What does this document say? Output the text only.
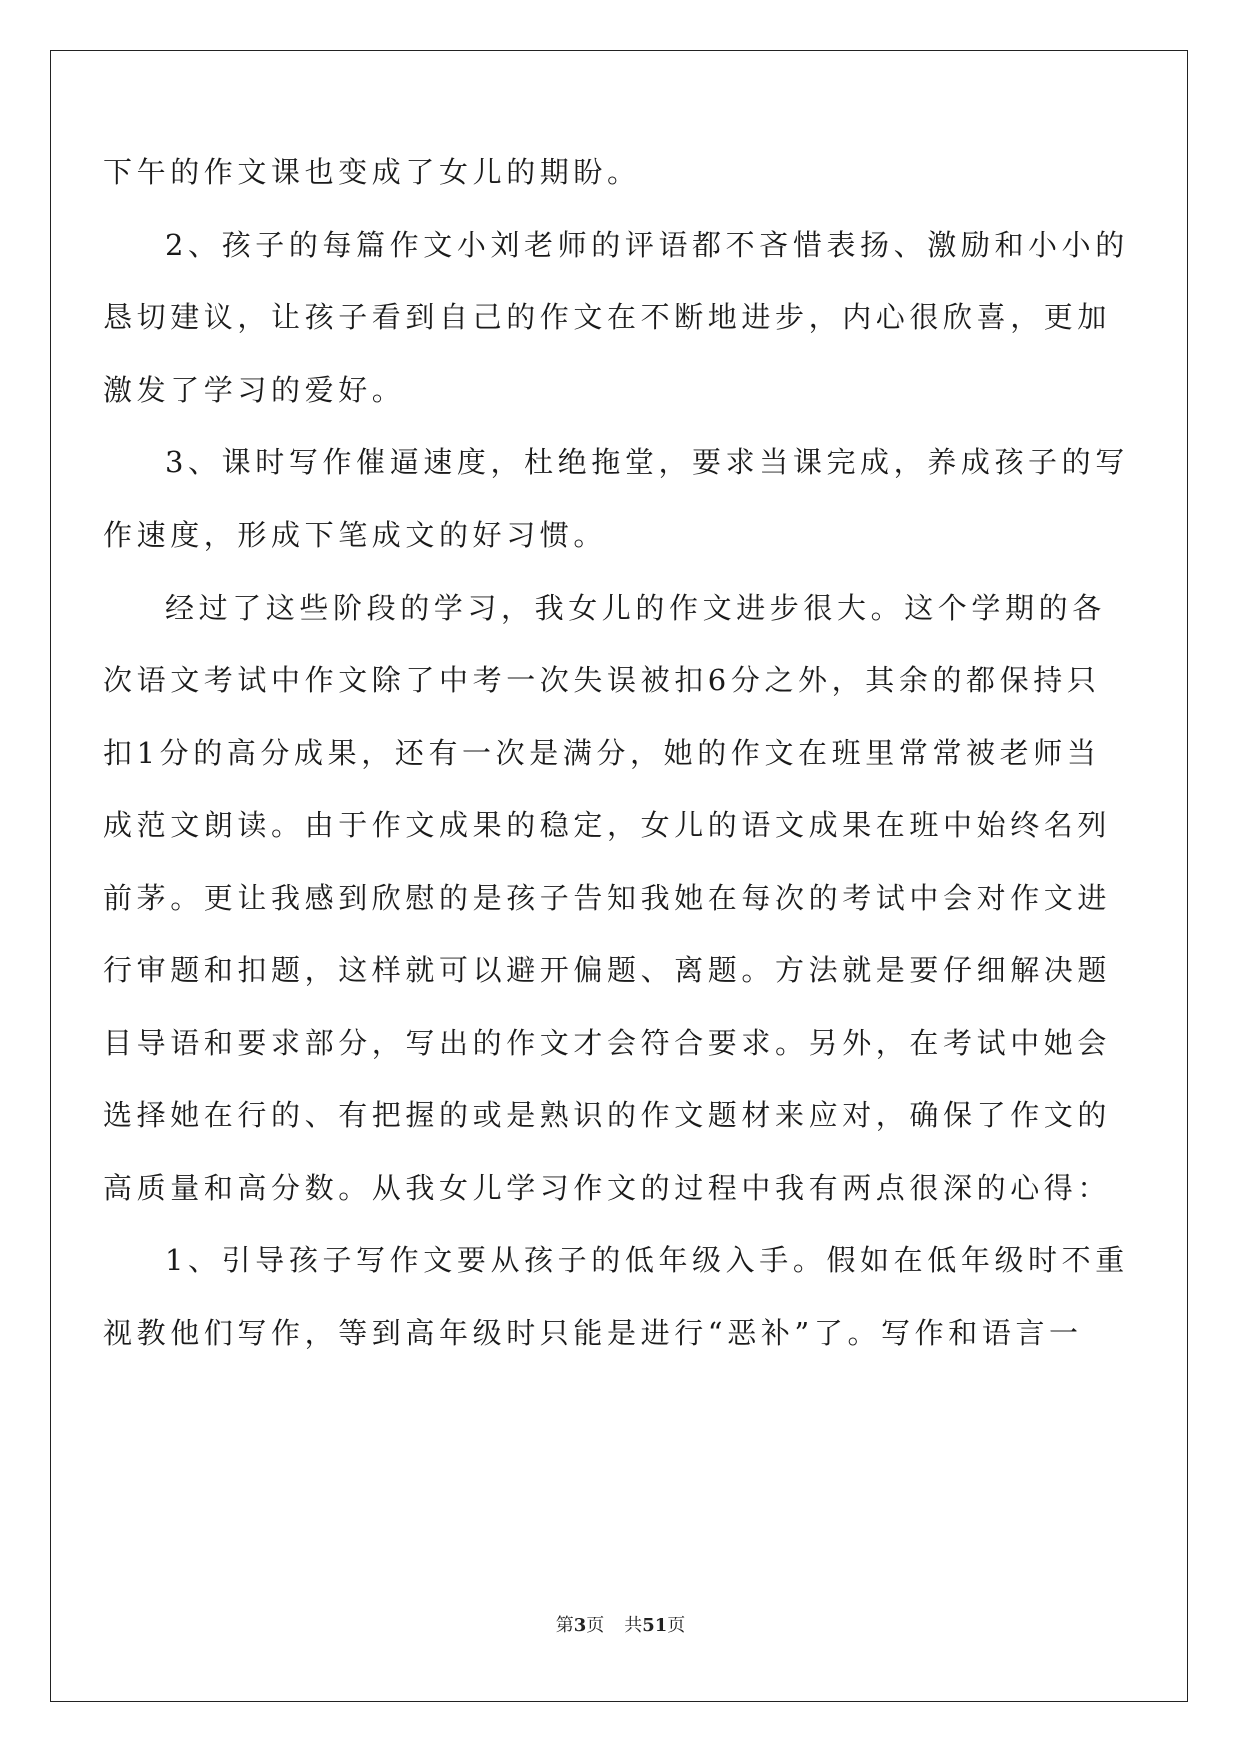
下午的作文课也变成了女儿的期盼。
2、孩子的每篇作文小刘老师的评语都不吝惜表扬、激励和小小的
恳切建议，让孩子看到自己的作文在不断地进步，内心很欣喜，更加
激发了学习的爱好。
3、课时写作催逼速度，杜绝拖堂，要求当课完成，养成孩子的写
作速度，形成下笔成文的好习惯。
经过了这些阶段的学习，我女儿的作文进步很大。这个学期的各
次语文考试中作文除了中考一次失误被扣6分之外，其余的都保持只
扣1分的高分成果，还有一次是满分，她的作文在班里常常被老师当
成范文朗读。由于作文成果的稳定，女儿的语文成果在班中始终名列
前茅。更让我感到欣慰的是孩子告知我她在每次的考试中会对作文进
行审题和扣题，这样就可以避开偏题、离题。方法就是要仔细解决题
目导语和要求部分，写出的作文才会符合要求。另外，在考试中她会
选择她在行的、有把握的或是熟识的作文题材来应对，确保了作文的
高质量和高分数。从我女儿学习作文的过程中我有两点很深的心得：
1、引导孩子写作文要从孩子的低年级入手。假如在低年级时不重
视教他们写作，等到高年级时只能是进行“恶补”了。写作和语言一
第3页 共51页
